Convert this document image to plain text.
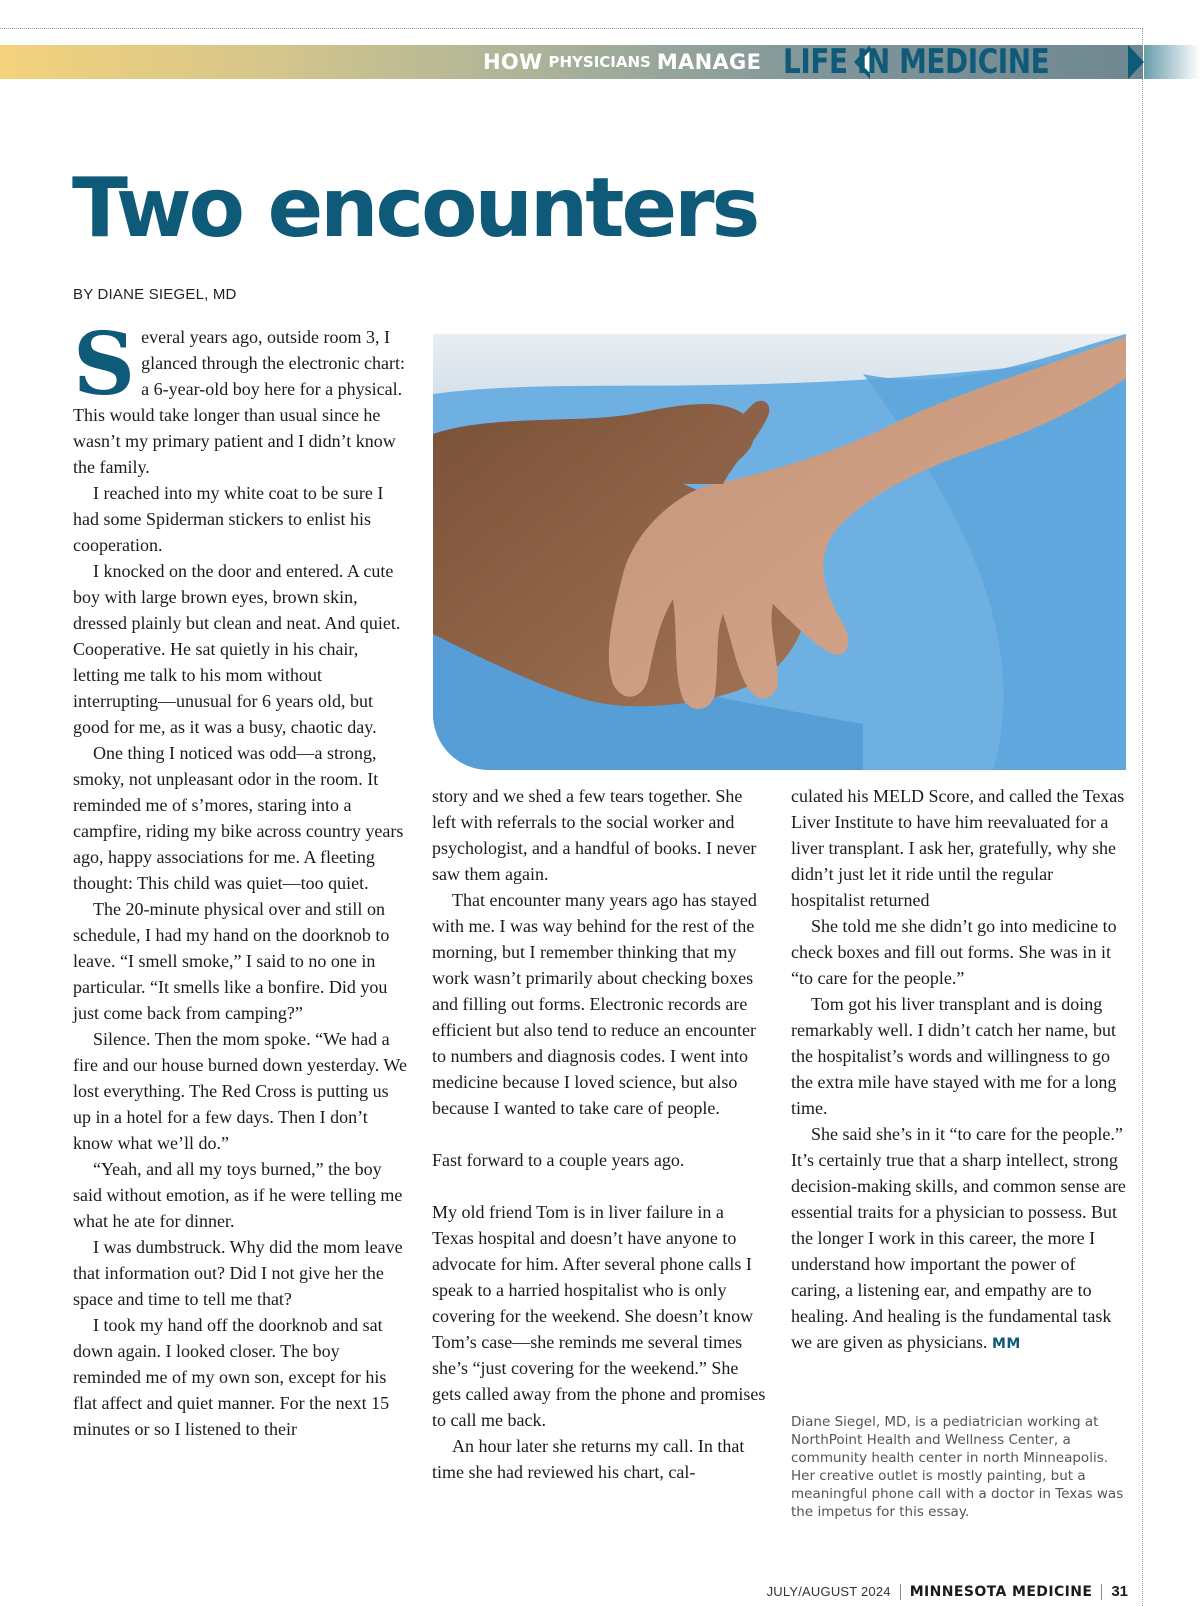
HOW PHYSICIANS MANAGE LIFE IN MEDICINE
Two encounters
BY DIANE SIEGEL, MD

Several years ago, outside room 3, I glanced through the electronic chart: a 6-year-old boy here for a physical. This would take longer than usual since he wasn’t my primary patient and I didn’t know the family.

I reached into my white coat to be sure I had some Spiderman stickers to enlist his cooperation.

I knocked on the door and entered. A cute boy with large brown eyes, brown skin, dressed plainly but clean and neat. And quiet. Cooperative. He sat quietly in his chair, letting me talk to his mom without interrupting—unusual for 6 years old, but good for me, as it was a busy, chaotic day.

One thing I noticed was odd—a strong, smoky, not unpleasant odor in the room. It reminded me of s’mores, staring into a campfire, riding my bike across country years ago, happy associations for me. A fleeting thought: This child was quiet—too quiet.

The 20-minute physical over and still on schedule, I had my hand on the doorknob to leave. “I smell smoke,” I said to no one in particular. “It smells like a bonfire. Did you just come back from camping?”

Silence. Then the mom spoke. “We had a fire and our house burned down yesterday. We lost everything. The Red Cross is putting us up in a hotel for a few days. Then I don’t know what we’ll do.”

“Yeah, and all my toys burned,” the boy said without emotion, as if he were telling me what he ate for dinner.

I was dumbstruck. Why did the mom leave that information out? Did I not give her the space and time to tell me that?

I took my hand off the doorknob and sat down again. I looked closer. The boy reminded me of my own son, except for his flat affect and quiet manner. For the next 15 minutes or so I listened to their

story and we shed a few tears together. She left with referrals to the social worker and psychologist, and a handful of books. I never saw them again.

That encounter many years ago has stayed with me. I was way behind for the rest of the morning, but I remember thinking that my work wasn’t primarily about checking boxes and filling out forms. Electronic records are efficient but also tend to reduce an encounter to numbers and diagnosis codes. I went into medicine because I loved science, but also because I wanted to take care of people.

Fast forward to a couple years ago.

My old friend Tom is in liver failure in a Texas hospital and doesn’t have anyone to advocate for him. After several phone calls I speak to a harried hospitalist who is only covering for the weekend. She doesn’t know Tom’s case—she reminds me several times she’s “just covering for the weekend.” She gets called away from the phone and promises to call me back.

An hour later she returns my call. In that time she had reviewed his chart, cal-

culated his MELD Score, and called the Texas Liver Institute to have him reevaluated for a liver transplant. I ask her, gratefully, why she didn’t just let it ride until the regular hospitalist returned

She told me she didn’t go into medicine to check boxes and fill out forms. She was in it “to care for the people.”

Tom got his liver transplant and is doing remarkably well. I didn’t catch her name, but the hospitalist’s words and willingness to go the extra mile have stayed with me for a long time.

She said she’s in it “to care for the people.” It’s certainly true that a sharp intellect, strong decision-making skills, and common sense are essential traits for a physician to possess. But the longer I work in this career, the more I understand how important the power of caring, a listening ear, and empathy are to healing. And healing is the fundamental task we are given as physicians. MM

Diane Siegel, MD, is a pediatrician working at NorthPoint Health and Wellness Center, a community health center in north Minneapolis. Her creative outlet is mostly painting, but a meaningful phone call with a doctor in Texas was the impetus for this essay.
JULY/AUGUST 2024 MINNESOTA MEDICINE 31
